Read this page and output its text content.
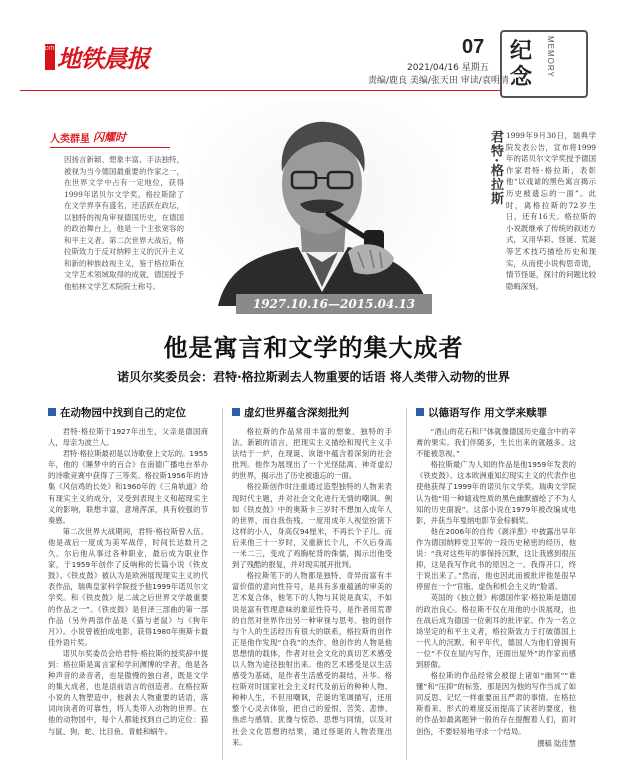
DITIE 地铁晨报	07
2021/04/16 星期五
责编/鹿良 美编/张天田 审读/袁明清
纪念	MEMORY
人类群星 闪耀时
因扬言新颖、想象丰富、手法独特，被视为当今德国最重要的作家之一，在世界文学中占有一定地位，获得1999年诺贝尔文学奖。格拉斯除了在文学界享有盛名，还活跃在政坛，以独特的视角审视德国历史，在德国的政治舞台上，他是一个主张宽容的和平主义者。第二次世界大战后，格拉斯致力于反对纳粹主义的沉升主义和新的种族歧视主义，鉴于格拉斯在文学艺术领域取得的成就，德国授予他柏林文学艺术院院士称号。
1927.10.16—2015.04.13
君特·格拉斯 1999年9月30日，瑞典学院发表公告，宣布将1999年的诺贝尔文学奖授予德国作家君特·格拉斯，表彰他“以戏谑的黑色寓言揭示历史被遗忘的一面”。此时，离格拉斯的72岁生日，还有16天。格拉斯的小说既继承了传统的叙述方式，又用华彩、怪诞、荒诞等艺术技巧描绘历史和现实，从而使小说构思奇诡，情节怪诞，探讨的问题比较隐晦深刻。
他是寓言和文学的集大成者
诺贝尔奖委员会：君特·格拉斯剥去人物重要的话语 将人类带入动物的世界
在动物园中找到自己的定位

君特·格拉斯于1927年出生，父亲是德国商人，母亲为波兰人。

君特·格拉斯最初是以诗歌登上文坛的。1955年，他的《睡梦中的百合》在南德广播电台举办的诗歌竞赛中获得了三等奖。格拉斯1956年的诗集《风信鸡的长处》和1960年的《三角轨道》给有现实主义的成分，又受到表现主义和超现实主义的影响，联想丰富，意境浑深，具有较强的节奏感。

第二次世界大战期间，君特·格拉斯曾入伍。他是战后一度成为美军战俘，时间长达数月之久。尔后他从事过各种职业，最后成为职业作家，于1959年创作了反响称的长篇小说《铁皮鼓》。《铁皮鼓》被认为是欧洲展现现实主义的代表作品，瑞典皇家科学院授予他1999年诺贝尔文学奖。和《铁皮鼓》是二战之后世界文学最重要的作品之一”。《铁皮鼓》是但泽三部曲的第一部作品（另外两部作品是《猫与老鼠》与《狗年月》）。小说曾被拍成电影，获得1980年奥斯卡最佳外语片奖。

诺贝尔奖委员会给君特·格拉斯的授奖辞中提到：格拉斯是寓言家和学问渊博的学者，他是各种声音的录音者，也是傲慢的独白者，既是文学的集大成者，也是语前语言的创造者。在格拉斯小说的人物塑造中，他剥去人物重要的话语，落词向读者的可靠性，将人类带入动物的世界。在他的动物园中，每个人都能找到自己的定位：猫与鼠、狗、蛇、比目鱼、青蛙和蜗牛。

虚幻世界蕴含深刻批判

格拉斯的作品常用丰富的想象、独特的手法、新颖的语言，把现实主义描绘和现代主义手法结于一炉，在现诞、诙谐中蕴含着深刻的社会批判。他作为展现出了一个光怪陆离、神奇虚幻的世界，揭示出了历史被遗忘的一面。

格拉斯创作时注重通过造型独特的人物来表现时代主题，并对社会文化进行无情的嘲讽。例如《铁皮鼓》中的奥斯卡三岁时不想加入成年人的世界，而自我伤残，一度用成年人视觉扮演下这样的小人，身高仅94厘米，不再长个子儿。而后来他三十一岁时，又重新长个儿，不久后身高一米二三，变成了鸡胸驼背的侏儒，揭示出他受到了残酷的报复，并对现实展开批判。

格拉斯笔下的人物都是独特、奇异而富有丰富价值的意向性符号，是具有多重蕴涵的审美的艺术复合体，他笔下的人物与其说是真实，不如说是富有哲理意味的象征性符号，是作者用荒谬的自然对世界作出另一种审视与思考。他的创作与个人的生活经历有很大的联系，格拉斯的创作正是他作发现“自我”的杰作，他创作的人物是他思想情的载体，作者对社会文化的真切艺术感受以人物为途径独射出来。他的艺术感受是以生活感受为基础，是作者生活感受的凝结，升华。格拉斯对时国家社会主义时代及前后的种种人物、种种人生，不但用嘲讽，茫诞的笔调描写，还用整个心灵去体验，把自己的爱恨、苦笑、悲惨、焦虑与感情、犹豫与惊恐、思想与同情，以及对社会文化思想的结果，通过怪诞的人物表现出来。

以德语写作 用文学来赎罪

“酒山的花石和尸体就像德国历史蕴含中的辛膏的果实。我们伴随多，生长出来的就越多。这不能被忽视。”

格拉斯最广为人知的作品是他1959年发表的《铁皮鼓》。这本欧洲重知幻现实主义的代表作也使他获得了1999年的诺贝尔文学奖。瑞典文学院认为他“用一种嬉戏性质的黑色幽默描绘了不为人知的历史面貌”。这部小说在1979年被改编成电影，并获当年戛纳电影节金棕榈奖。

他在2006年的自传《剥洋葱》中披露出早年作为德国纳粹党卫军的一段历史秘密的经历，他说：“我对这些年的事保持沉默，这让我感到很压抑，这是我写作此书的原因之一。我得开口，终于说出来了。”然而，他也因此而被批评他是很早停留在一个“官瓶、虚伪和机会主义的”脸谱。

英国的《独立报》称德国作家·格拉斯是德国的政治良心。格拉斯不仅在用他的小说展现，也在战后成为德国一位刺耳的批评家。作为一名立场坚定的和平主义者，格拉斯致力于打破德国上一代人的沉默。和平年代，德国人为他们曾拥有一位“不仅在屋内写作，还面出屋外”的作家而感到骄傲。

格拉斯的作品经常会被提上诸如“幽冥”“谁懂”和“压抑”的标签，那是因为他的写作当成了如同反思、记忆一样重要而且严肃的事情。在格拉斯看来，形式的难度反而提高了读者的要度，他的作品如最离题钟一般的存在提醒着人们，面对创伤，不要轻易地寻求一个结局。

撰稿 陆佳慧
